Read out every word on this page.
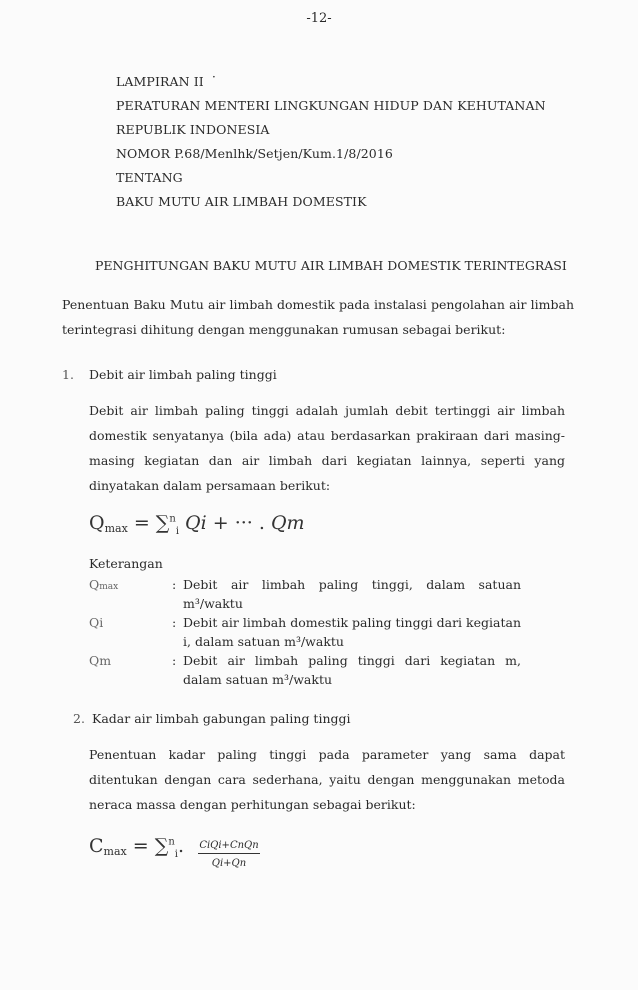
-12-
LAMPIRAN II
PERATURAN MENTERI LINGKUNGAN HIDUP DAN KEHUTANAN
REPUBLIK INDONESIA
NOMOR P.68/Menlhk/Setjen/Kum.1/8/2016
TENTANG
BAKU MUTU AIR LIMBAH DOMESTIK
·
PENGHITUNGAN BAKU MUTU AIR LIMBAH DOMESTIK TERINTEGRASI
Penentuan Baku Mutu air limbah domestik pada instalasi pengolahan air limbah terintegrasi dihitung dengan menggunakan rumusan sebagai berikut:
1. Debit air limbah paling tinggi
Debit air limbah paling tinggi adalah jumlah debit tertinggi air limbah domestik senyatanya (bila ada) atau berdasarkan prakiraan dari masing-masing kegiatan dan air limbah dari kegiatan lainnya, seperti yang dinyatakan dalam persamaan berikut:
$Q_{max} = \sum^n_i$ Qi + ··· . Qm
Keterangan
Qmax	: Debit air limbah paling tinggi, dalam satuan m³/waktu
Qi	: Debit air limbah domestik paling tinggi dari kegiatan i, dalam satuan m³/waktu
Qm	: Debit air limbah paling tinggi dari kegiatan m, dalam satuan m³/waktu
2. Kadar air limbah gabungan paling tinggi
Penentuan kadar paling tinggi pada parameter yang sama dapat ditentukan dengan cara sederhana, yaitu dengan menggunakan metoda neraca massa dengan perhitungan sebagai berikut:
Cmax = ∑$^n_i$. CiQi+CnQn
Qi+Qn
